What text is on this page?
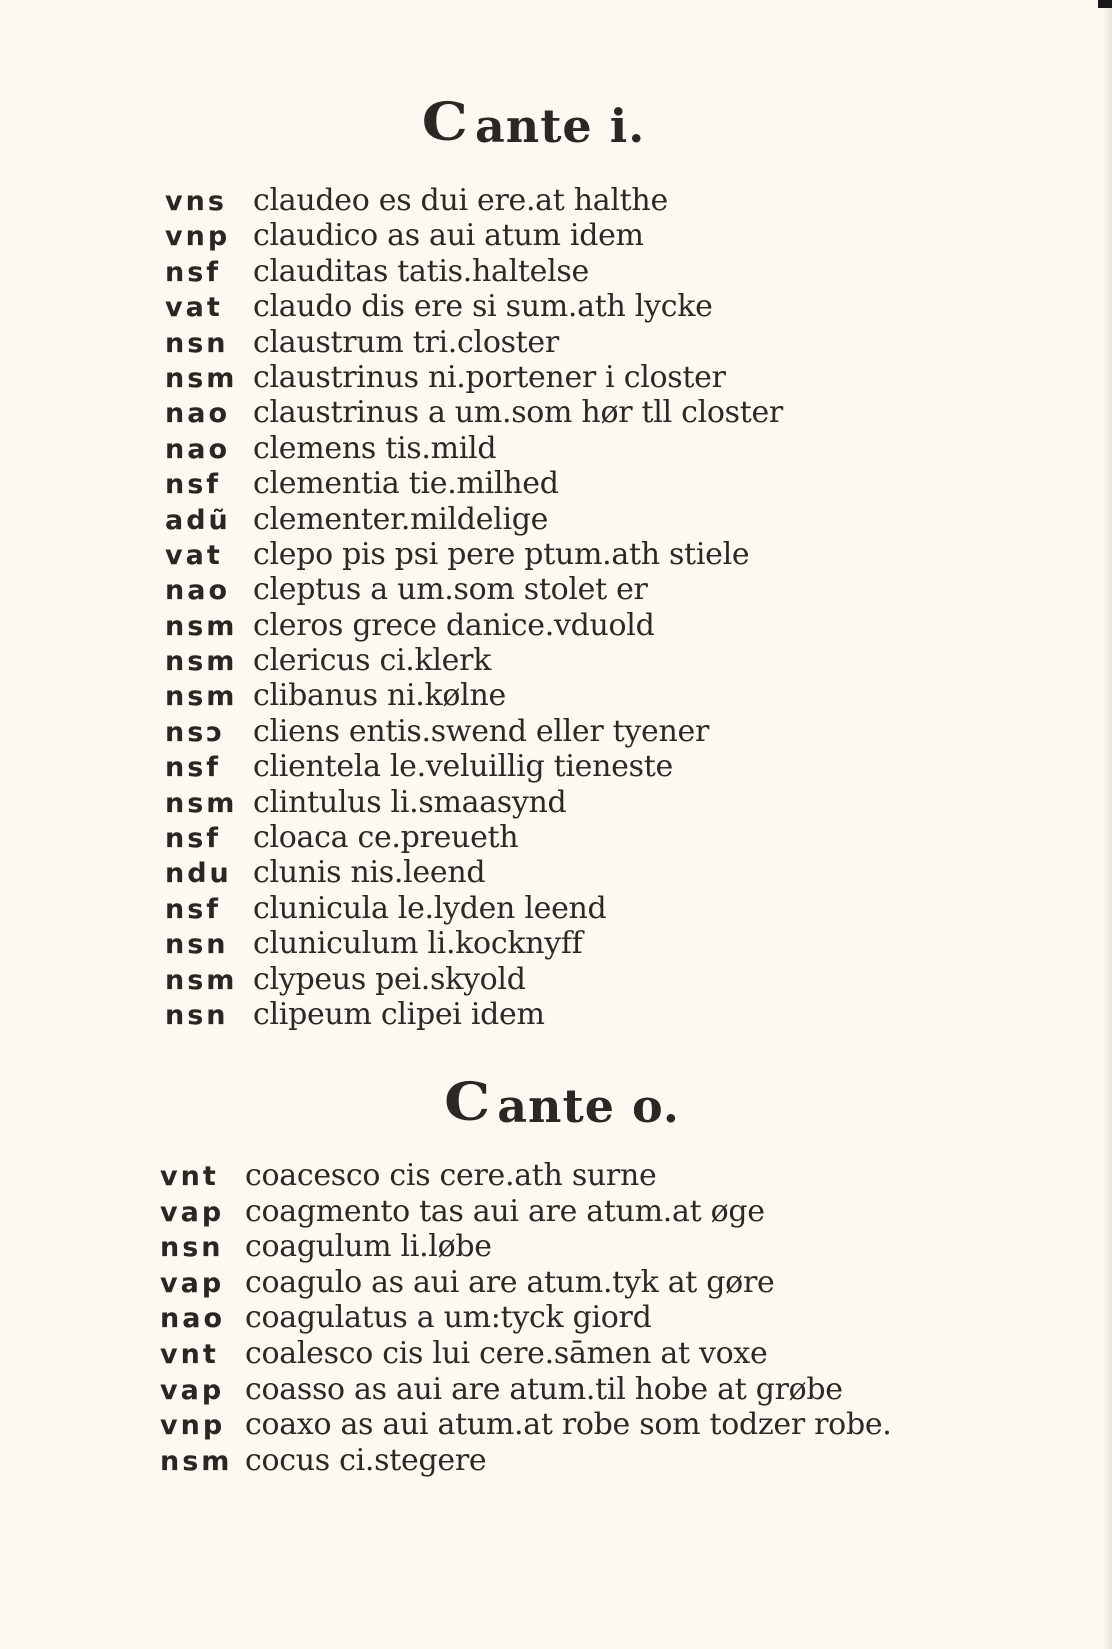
C ante i.
vns claudeo es dui ere.at halthe
vnp claudico as aui atum idem
nsf	clauditas tatis.haltelse
vat	claudo dis ere si sum.ath lycke
nsn claustrum tri.closter
nsm claustrinus ni.portener i closter
nao claustrinus a um.som hør tll closter
nao clemens tis.mild
nsf	clementia tie.milhed
adũ clementer.mildelige
vat	clepo pis psi pere ptum.ath stiele
nao cleptus a um.som stolet er
nsm cleros grece danice.vduold
nsm clericus ci.klerk
nsm clibanus ni.kølne
nsↄ cliens entis.swend eller tyener
nsf	clientela le.veluillig tieneste
nsm clintulus li.smaasynd
nsf	cloaca ce.preueth
ndu clunis nis.leend
nsf	clunicula le.lyden leend
nsn cluniculum li.kocknyff
nsm clypeus pei.skyold
nsn clipeum clipei idem
C ante o.
vnt coacesco cis cere.ath surne
vap coagmento tas aui are atum.at øge
nsn coagulum li.løbe
vap coagulo as aui are atum.tyk at gøre
nao coagulatus a um:tyck giord
vnt coalesco cis lui cere.sāmen at voxe
vap coasso as aui are atum.til hobe at grøbe
vnp coaxo as aui atum.at robe som todzer robe.
nsm cocus ci.stegere
